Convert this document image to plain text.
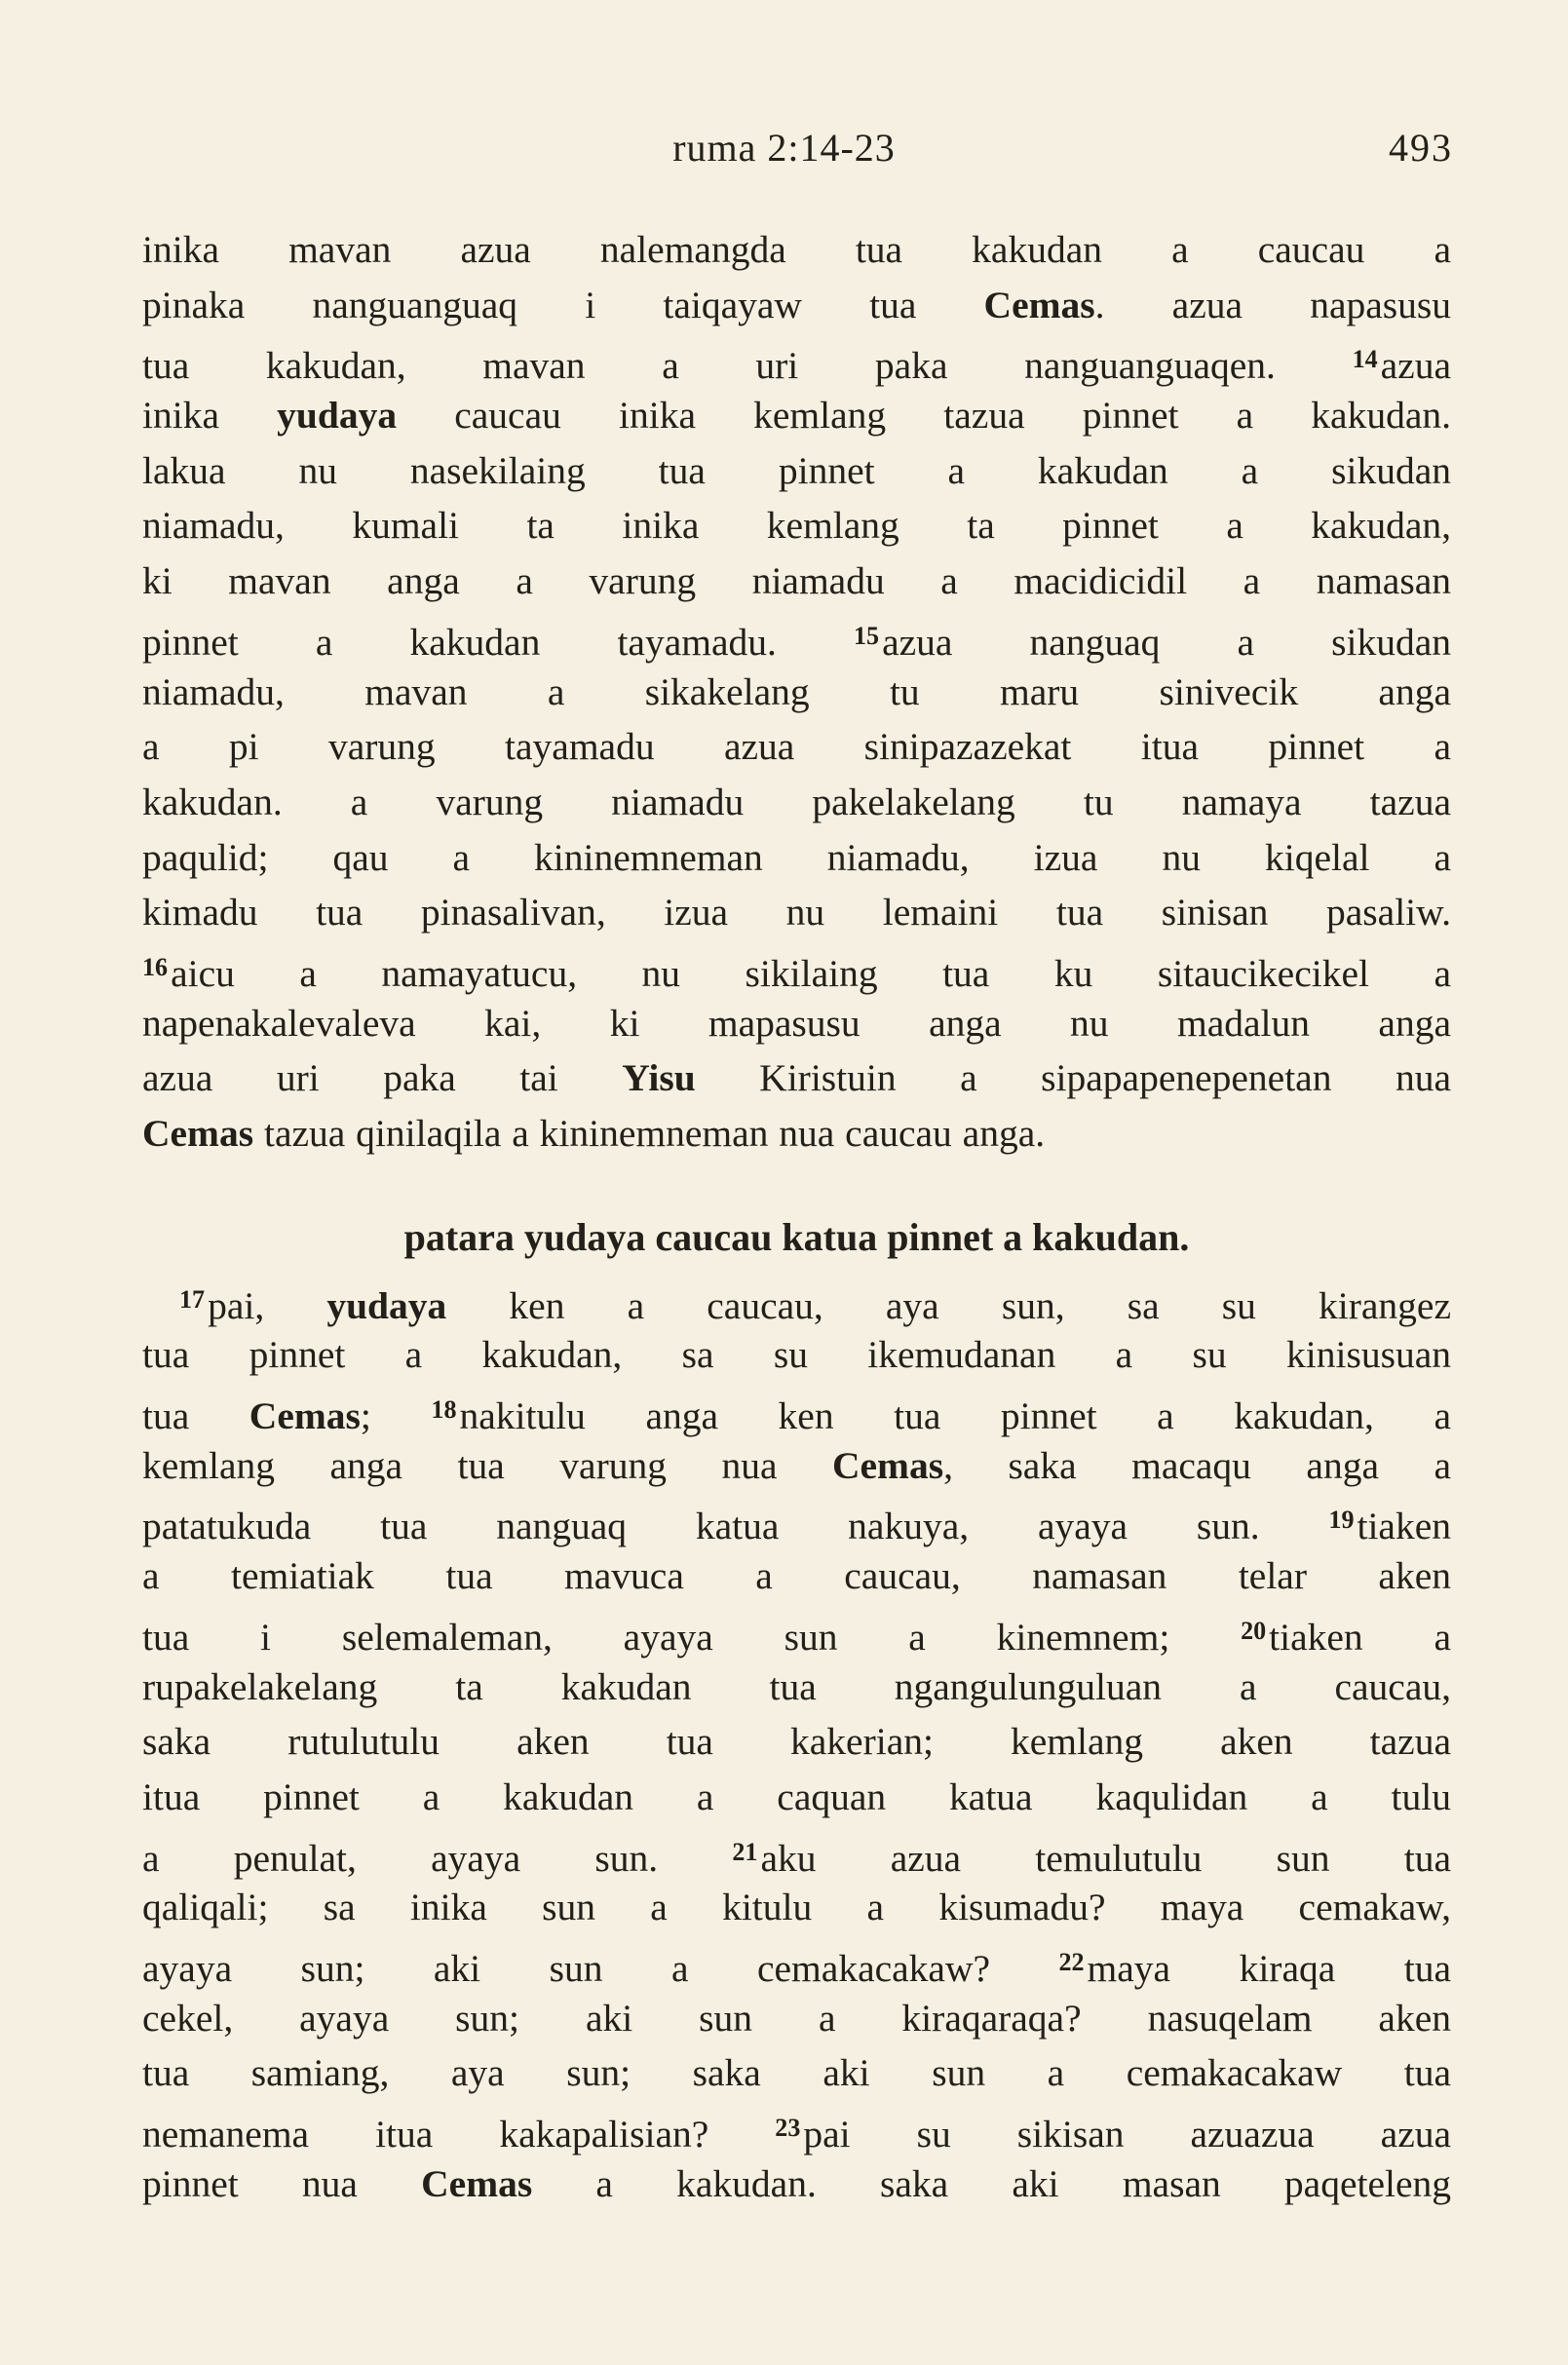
ruma 2:14-23	493
inika mavan azua nalemangda tua kakudan a caucau a
pinaka nanguanguaq i taiqayaw tua Cemas. azua napasusu
tua kakudan, mavan a uri paka nanguanguaqen. $^{14}$azua
inika yudaya caucau inika kemlang tazua pinnet a kakudan.
lakua nu nasekilaing tua pinnet a kakudan a sikudan
niamadu, kumali ta inika kemlang ta pinnet a kakudan,
ki mavan anga a varung niamadu a macidicidil a namasan
pinnet a kakudan tayamadu. $^{15}$azua nanguaq a sikudan
niamadu, mavan a sikakelang tu maru sinivecik anga
a pi varung tayamadu azua sinipazazekat itua pinnet a
kakudan. a varung niamadu pakelakelang tu namaya tazua
paqulid; qau a kininemneman niamadu, izua nu kiqelal a
kimadu tua pinasalivan, izua nu lemaini tua sinisan pasaliw.
$^{16}$aicu a namayatucu, nu sikilaing tua ku sitaucikecikel a
napenakalevaleva kai, ki mapasusu anga nu madalun anga
azua uri paka tai Yisu Kiristuin a sipapapenepenetan nua
Cemas tazua qinilaqila a kininemneman nua caucau anga.
patara yudaya caucau katua pinnet a kakudan.
$^{17}$pai, yudaya ken a caucau, aya sun, sa su kirangez
tua pinnet a kakudan, sa su ikemudanan a su kinisusuan
tua Cemas; $^{18}$nakitulu anga ken tua pinnet a kakudan, a
kemlang anga tua varung nua Cemas, saka macaqu anga a
patatukuda tua nanguaq katua nakuya, ayaya sun. $^{19}$tiaken
a temiatiak tua mavuca a caucau, namasan telar aken
tua i selemaleman, ayaya sun a kinemnem; $^{20}$tiaken a
rupakelakelang ta kakudan tua ngangulunguluan a caucau,
saka rutulutulu aken tua kakerian; kemlang aken tazua
itua pinnet a kakudan a caquan katua kaqulidan a tulu
a penulat, ayaya sun. $^{21}$aku azua temulutulu sun tua
qaliqali; sa inika sun a kitulu a kisumadu? maya cemakaw,
ayaya sun; aki sun a cemakacakaw? $^{22}$maya kiraqa tua
cekel, ayaya sun; aki sun a kiraqaraqa? nasuqelam aken
tua samiang, aya sun; saka aki sun a cemakacakaw tua
nemanema itua kakapalisian? $^{23}$pai su sikisan azuazua azua
pinnet nua Cemas a kakudan. saka aki masan paqeteleng
